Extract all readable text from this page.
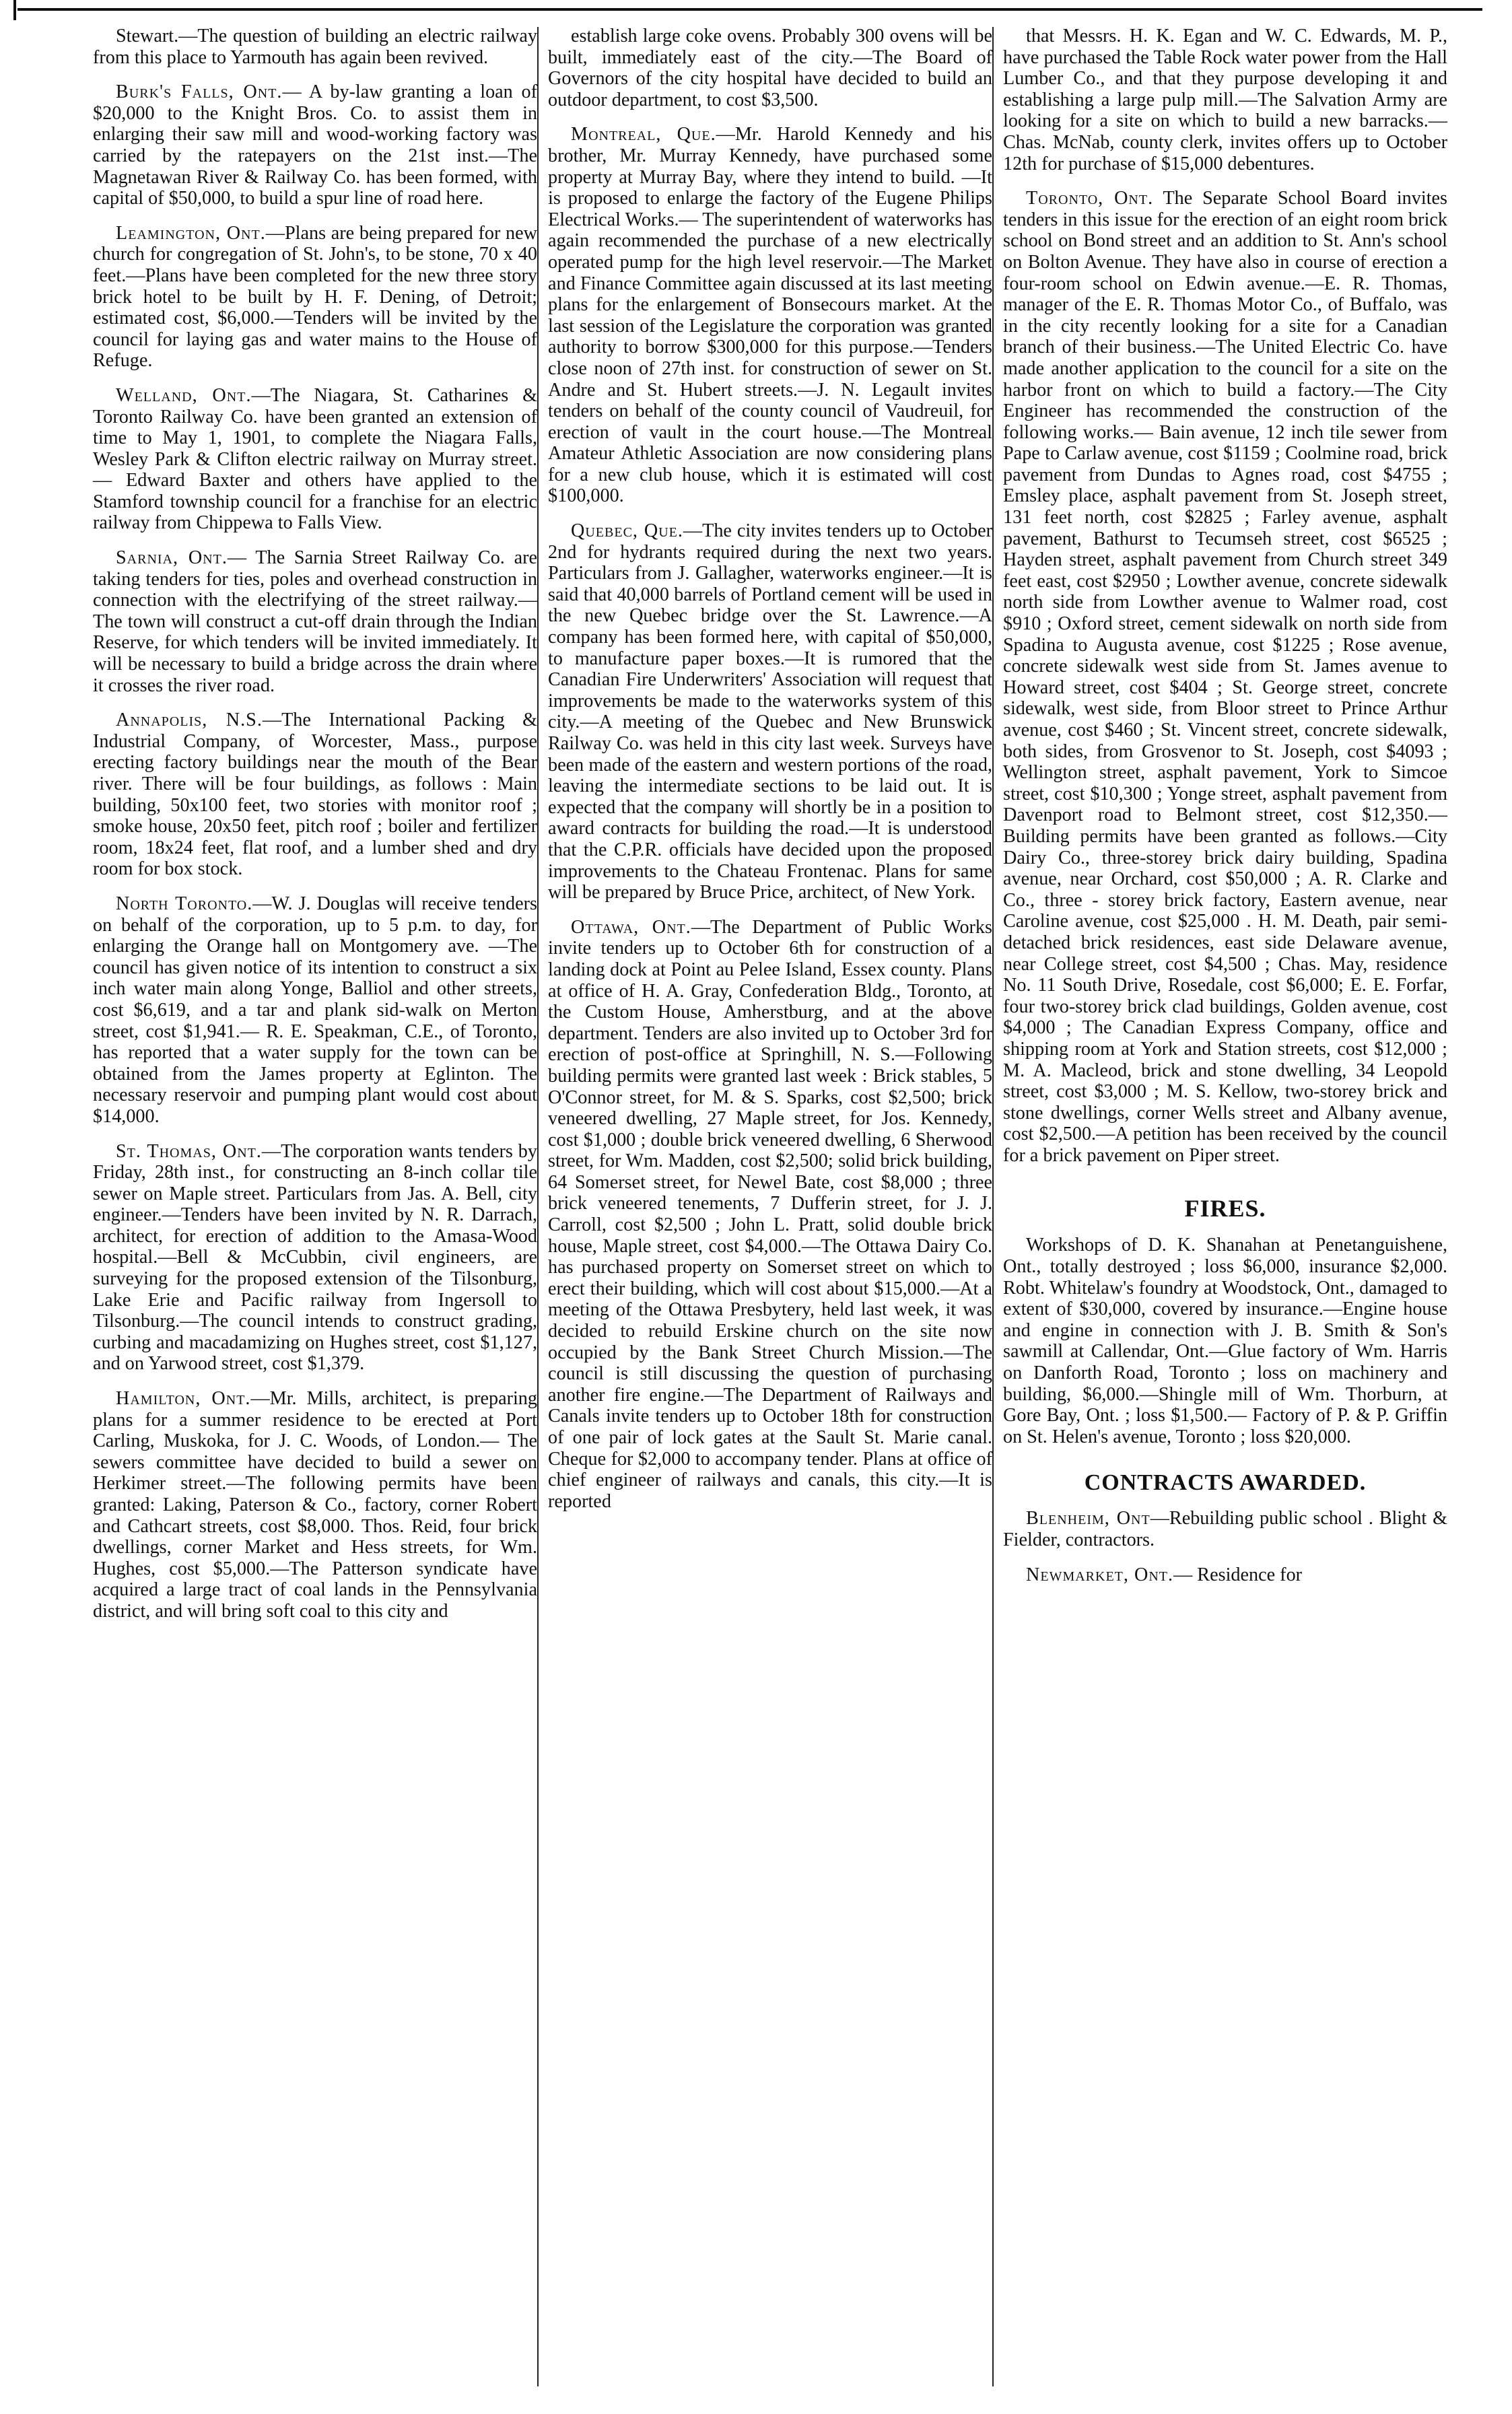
Stewart.—The question of building an electric railway from this place to Yarmouth has again been revived.

Burk's Falls, Ont.— A by-law granting a loan of $20,000 to the Knight Bros. Co. to assist them in enlarging their saw mill and wood-working factory was carried by the ratepayers on the 21st inst.—The Magnetawan River & Railway Co. has been formed, with capital of $50,000, to build a spur line of road here.

Leamington, Ont.—Plans are being prepared for new church for congregation of St. John's, to be stone, 70 x 40 feet.—Plans have been completed for the new three story brick hotel to be built by H. F. Dening, of Detroit; estimated cost, $6,000.—Tenders will be invited by the council for laying gas and water mains to the House of Refuge.

Welland, Ont.—The Niagara, St. Catharines & Toronto Railway Co. have been granted an extension of time to May 1, 1901, to complete the Niagara Falls, Wesley Park & Clifton electric railway on Murray street. — Edward Baxter and others have applied to the Stamford township council for a franchise for an electric railway from Chippewa to Falls View.

Sarnia, Ont.— The Sarnia Street Railway Co. are taking tenders for ties, poles and overhead construction in connection with the electrifying of the street railway.—The town will construct a cut-off drain through the Indian Reserve, for which tenders will be invited immediately. It will be necessary to build a bridge across the drain where it crosses the river road.

Annapolis, N.S.—The International Packing & Industrial Company, of Worcester, Mass., purpose erecting factory buildings near the mouth of the Bear river. There will be four buildings, as follows : Main building, 50x100 feet, two stories with monitor roof ; smoke house, 20x50 feet, pitch roof ; boiler and fertilizer room, 18x24 feet, flat roof, and a lumber shed and dry room for box stock.

North Toronto.—W. J. Douglas will receive tenders on behalf of the corporation, up to 5 p.m. to day, for enlarging the Orange hall on Montgomery ave. —The council has given notice of its intention to construct a six inch water main along Yonge, Balliol and other streets, cost $6,619, and a tar and plank sid-walk on Merton street, cost $1,941.— R. E. Speakman, C.E., of Toronto, has reported that a water supply for the town can be obtained from the James property at Eglinton. The necessary reservoir and pumping plant would cost about $14,000.

St. Thomas, Ont.—The corporation wants tenders by Friday, 28th inst., for constructing an 8-inch collar tile sewer on Maple street. Particulars from Jas. A. Bell, city engineer.—Tenders have been invited by N. R. Darrach, architect, for erection of addition to the Amasa-Wood hospital.—Bell & McCubbin, civil engineers, are surveying for the proposed extension of the Tilsonburg, Lake Erie and Pacific railway from Ingersoll to Tilsonburg.—The council intends to construct grading, curbing and macadamizing on Hughes street, cost $1,127, and on Yarwood street, cost $1,379.

Hamilton, Ont.—Mr. Mills, architect, is preparing plans for a summer residence to be erected at Port Carling, Muskoka, for J. C. Woods, of London.— The sewers committee have decided to build a sewer on Herkimer street.—The following permits have been granted: Laking, Paterson & Co., factory, corner Robert and Cathcart streets, cost $8,000. Thos. Reid, four brick dwellings, corner Market and Hess streets, for Wm. Hughes, cost $5,000.—The Patterson syndicate have acquired a large tract of coal lands in the Pennsylvania district, and will bring soft coal to this city and

establish large coke ovens. Probably 300 ovens will be built, immediately east of the city.—The Board of Governors of the city hospital have decided to build an outdoor department, to cost $3,500.

Montreal, Que.—Mr. Harold Kennedy and his brother, Mr. Murray Kennedy, have purchased some property at Murray Bay, where they intend to build. —It is proposed to enlarge the factory of the Eugene Philips Electrical Works.— The superintendent of waterworks has again recommended the purchase of a new electrically operated pump for the high level reservoir.—The Market and Finance Committee again discussed at its last meeting plans for the enlargement of Bonsecours market. At the last session of the Legislature the corporation was granted authority to borrow $300,000 for this purpose.—Tenders close noon of 27th inst. for construction of sewer on St. Andre and St. Hubert streets.—J. N. Legault invites tenders on behalf of the county council of Vaudreuil, for erection of vault in the court house.—The Montreal Amateur Athletic Association are now considering plans for a new club house, which it is estimated will cost $100,000.

Quebec, Que.—The city invites tenders up to October 2nd for hydrants required during the next two years. Particulars from J. Gallagher, waterworks engineer.—It is said that 40,000 barrels of Portland cement will be used in the new Quebec bridge over the St. Lawrence.—A company has been formed here, with capital of $50,000, to manufacture paper boxes.—It is rumored that the Canadian Fire Underwriters' Association will request that improvements be made to the waterworks system of this city.—A meeting of the Quebec and New Brunswick Railway Co. was held in this city last week. Surveys have been made of the eastern and western portions of the road, leaving the intermediate sections to be laid out. It is expected that the company will shortly be in a position to award contracts for building the road.—It is understood that the C.P.R. officials have decided upon the proposed improvements to the Chateau Frontenac. Plans for same will be prepared by Bruce Price, architect, of New York.

Ottawa, Ont.—The Department of Public Works invite tenders up to October 6th for construction of a landing dock at Point au Pelee Island, Essex county. Plans at office of H. A. Gray, Confederation Bldg., Toronto, at the Custom House, Amherstburg, and at the above department. Tenders are also invited up to October 3rd for erection of post-office at Springhill, N. S.—Following building permits were granted last week : Brick stables, 5 O'Connor street, for M. & S. Sparks, cost $2,500; brick veneered dwelling, 27 Maple street, for Jos. Kennedy, cost $1,000 ; double brick veneered dwelling, 6 Sherwood street, for Wm. Madden, cost $2,500; solid brick building, 64 Somerset street, for Newel Bate, cost $8,000 ; three brick veneered tenements, 7 Dufferin street, for J. J. Carroll, cost $2,500 ; John L. Pratt, solid double brick house, Maple street, cost $4,000.—The Ottawa Dairy Co. has purchased property on Somerset street on which to erect their building, which will cost about $15,000.—At a meeting of the Ottawa Presbytery, held last week, it was decided to rebuild Erskine church on the site now occupied by the Bank Street Church Mission.—The council is still discussing the question of purchasing another fire engine.—The Department of Railways and Canals invite tenders up to October 18th for construction of one pair of lock gates at the Sault St. Marie canal. Cheque for $2,000 to accompany tender. Plans at office of chief engineer of railways and canals, this city.—It is reported

that Messrs. H. K. Egan and W. C. Edwards, M. P., have purchased the Table Rock water power from the Hall Lumber Co., and that they purpose developing it and establishing a large pulp mill.—The Salvation Army are looking for a site on which to build a new barracks.—Chas. McNab, county clerk, invites offers up to October 12th for purchase of $15,000 debentures.

Toronto, Ont. The Separate School Board invites tenders in this issue for the erection of an eight room brick school on Bond street and an addition to St. Ann's school on Bolton Avenue. They have also in course of erection a four-room school on Edwin avenue.—E. R. Thomas, manager of the E. R. Thomas Motor Co., of Buffalo, was in the city recently looking for a site for a Canadian branch of their business.—The United Electric Co. have made another application to the council for a site on the harbor front on which to build a factory.—The City Engineer has recommended the construction of the following works.— Bain avenue, 12 inch tile sewer from Pape to Carlaw avenue, cost $1159 ; Coolmine road, brick pavement from Dundas to Agnes road, cost $4755 ; Emsley place, asphalt pavement from St. Joseph street, 131 feet north, cost $2825 ; Farley avenue, asphalt pavement, Bathurst to Tecumseh street, cost $6525 ; Hayden street, asphalt pavement from Church street 349 feet east, cost $2950 ; Lowther avenue, concrete sidewalk north side from Lowther avenue to Walmer road, cost $910 ; Oxford street, cement sidewalk on north side from Spadina to Augusta avenue, cost $1225 ; Rose avenue, concrete sidewalk west side from St. James avenue to Howard street, cost $404 ; St. George street, concrete sidewalk, west side, from Bloor street to Prince Arthur avenue, cost $460 ; St. Vincent street, concrete sidewalk, both sides, from Grosvenor to St. Joseph, cost $4093 ; Wellington street, asphalt pavement, York to Simcoe street, cost $10,300 ; Yonge street, asphalt pavement from Davenport road to Belmont street, cost $12,350.—Building permits have been granted as follows.—City Dairy Co., three-storey brick dairy building, Spadina avenue, near Orchard, cost $50,000 ; A. R. Clarke and Co., three - storey brick factory, Eastern avenue, near Caroline avenue, cost $25,000 . H. M. Death, pair semi-detached brick residences, east side Delaware avenue, near College street, cost $4,500 ; Chas. May, residence No. 11 South Drive, Rosedale, cost $6,000; E. E. Forfar, four two-storey brick clad buildings, Golden avenue, cost $4,000 ; The Canadian Express Company, office and shipping room at York and Station streets, cost $12,000 ; M. A. Macleod, brick and stone dwelling, 34 Leopold street, cost $3,000 ; M. S. Kellow, two-storey brick and stone dwellings, corner Wells street and Albany avenue, cost $2,500.—A petition has been received by the council for a brick pavement on Piper street.

FIRES.

Workshops of D. K. Shanahan at Penetanguishene, Ont., totally destroyed ; loss $6,000, insurance $2,000. Robt. Whitelaw's foundry at Woodstock, Ont., damaged to extent of $30,000, covered by insurance.—Engine house and engine in connection with J. B. Smith & Son's sawmill at Callendar, Ont.—Glue factory of Wm. Harris on Danforth Road, Toronto ; loss on machinery and building, $6,000.—Shingle mill of Wm. Thorburn, at Gore Bay, Ont. ; loss $1,500.— Factory of P. & P. Griffin on St. Helen's avenue, Toronto ; loss $20,000.

CONTRACTS AWARDED.

Blenheim, Ont—Rebuilding public school . Blight & Fielder, contractors.

Newmarket, Ont.— Residence for
